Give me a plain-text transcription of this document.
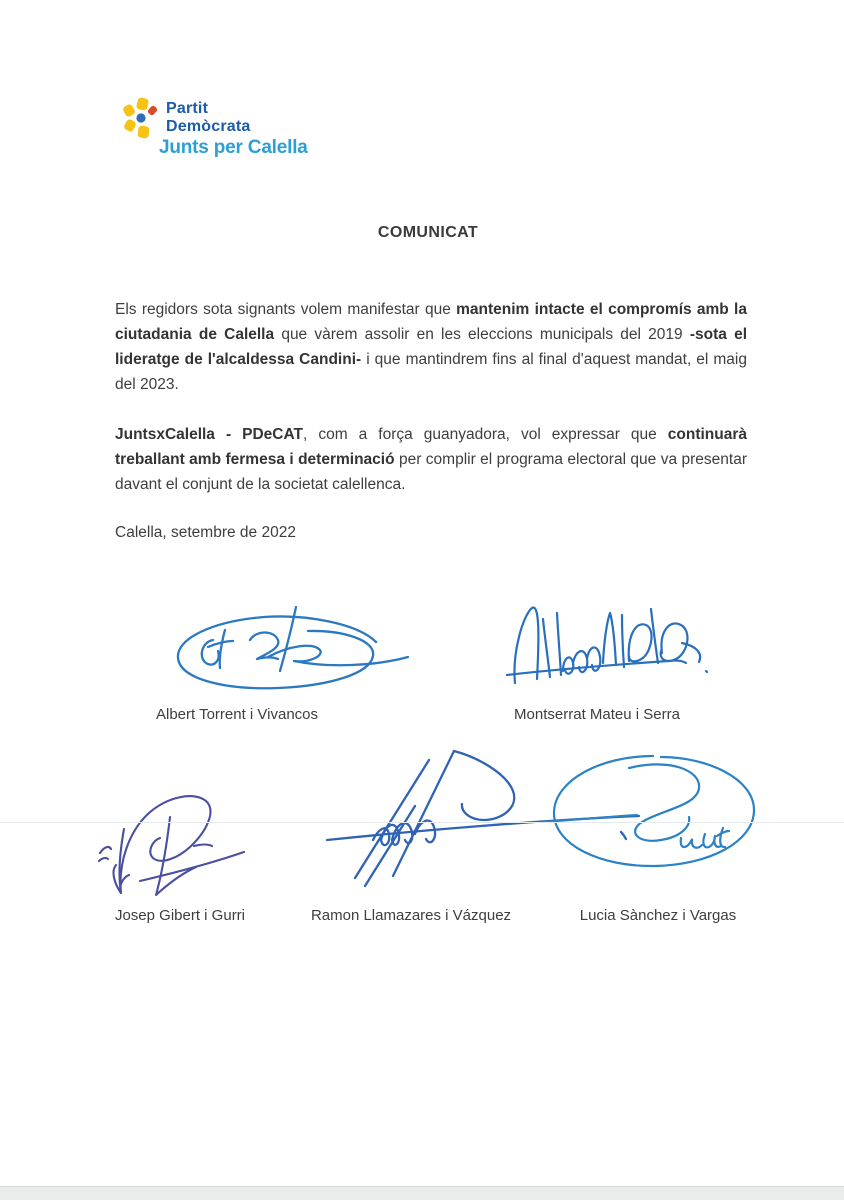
Partit
Demòcrata
Junts per Calella
COMUNICAT

Els regidors sota signants volem manifestar que mantenim intacte el compromís amb la ciutadania de Calella que vàrem assolir en les eleccions municipals del 2019 -sota el lideratge de l'alcaldessa Candini- i que mantindrem fins al final d'aquest mandat, el maig del 2023.

JuntsxCalella - PDeCAT, com a força guanyadora, vol expressar que continuarà treballant amb fermesa i determinació per complir el programa electoral que va presentar davant el conjunt de la societat calellenca.

Calella, setembre de 2022

Albert Torrent i Vivancos	Montserrat Mateu i Serra

Josep Gibert i Gurri	Ramon Llamazares i Vázquez	Lucia Sànchez i Vargas
